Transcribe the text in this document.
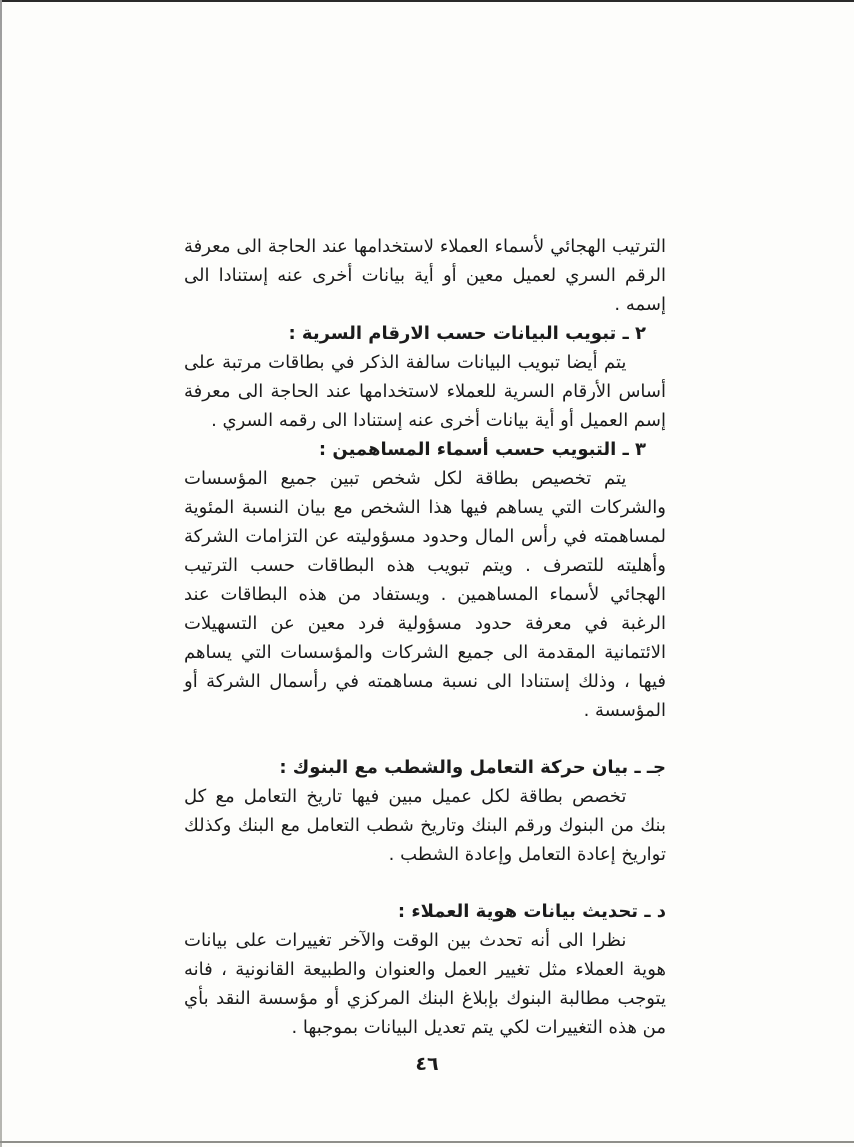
الترتيب الهجائي لأسماء العملاء لاستخدامها عند الحاجة الى معرفة الرقم السري لعميل معين أو أية بيانات أخرى عنه إستنادا الى إسمه .

٢ ـ تبويب البيانات حسب الارقام السرية :

يتم أيضا تبويب البيانات سالفة الذكر في بطاقات مرتبة على أساس الأرقام السرية للعملاء لاستخدامها عند الحاجة الى معرفة إسم العميل أو أية بيانات أخرى عنه إستنادا الى رقمه السري .

٣ ـ التبويب حسب أسماء المساهمين :

يتم تخصيص بطاقة لكل شخص تبين جميع المؤسسات والشركات التي يساهم فيها هذا الشخص مع بيان النسبة المئوية لمساهمته في رأس المال وحدود مسؤوليته عن التزامات الشركة وأهليته للتصرف . ويتم تبويب هذه البطاقات حسب الترتيب الهجائي لأسماء المساهمين . ويستفاد من هذه البطاقات عند الرغبة في معرفة حدود مسؤولية فرد معين عن التسهيلات الائتمانية المقدمة الى جميع الشركات والمؤسسات التي يساهم فيها ، وذلك إستنادا الى نسبة مساهمته في رأسمال الشركة أو المؤسسة .

جـ ـ بيان حركة التعامل والشطب مع البنوك :

تخصص بطاقة لكل عميل مبين فيها تاريخ التعامل مع كل بنك من البنوك ورقم البنك وتاريخ شطب التعامل مع البنك وكذلك تواريخ إعادة التعامل وإعادة الشطب .

د ـ تحديث بيانات هوية العملاء :

نظرا الى أنه تحدث بين الوقت والآخر تغييرات على بيانات هوية العملاء مثل تغيير العمل والعنوان والطبيعة القانونية ، فانه يتوجب مطالبة البنوك بإبلاغ البنك المركزي أو مؤسسة النقد بأي من هذه التغييرات لكي يتم تعديل البيانات بموجبها .

٤٦
